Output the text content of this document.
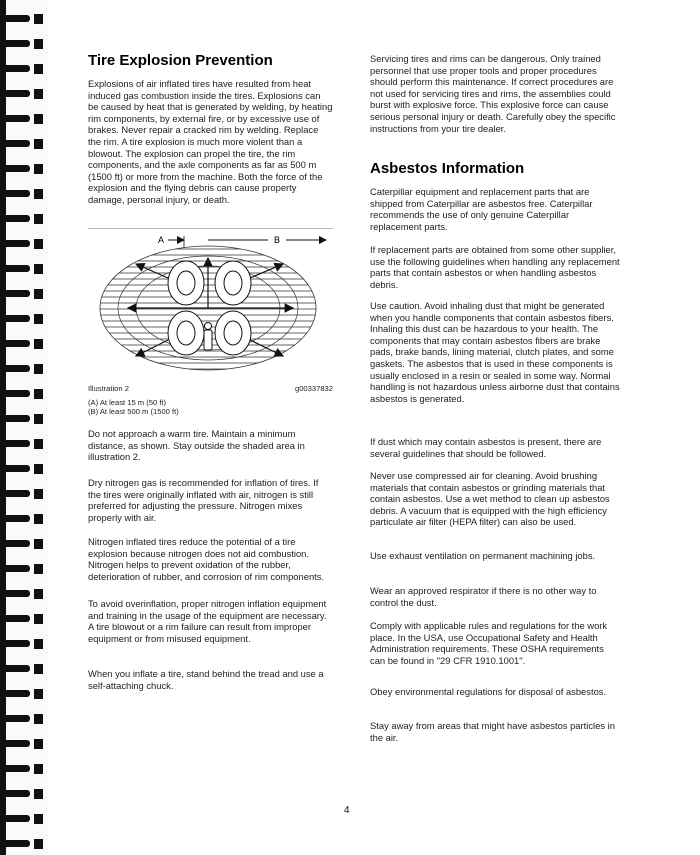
Tire Explosion Prevention

Explosions of air inflated tires have resulted from heat induced gas combustion inside the tires. Explosions can be caused by heat that is generated by welding, by heating rim components, by external fire, or by excessive use of brakes. Never repair a cracked rim by welding. Replace the rim. A tire explosion is much more violent than a blowout. The explosion can propel the tire, the rim components, and the axle components as far as 500 m (1500 ft) or more from the machine. Both the force of the explosion and the flying debris can cause property damage, personal injury, or death.

A	B
Illustration 2	g00337832
(A) At least 15 m (50 ft)
(B) At least 500 m (1500 ft)

Do not approach a warm tire. Maintain a minimum distance, as shown. Stay outside the shaded area in illustration 2.

Dry nitrogen gas is recommended for inflation of tires. If the tires were originally inflated with air, nitrogen is still preferred for adjusting the pressure. Nitrogen mixes properly with air.

Nitrogen inflated tires reduce the potential of a tire explosion because nitrogen does not aid combustion. Nitrogen helps to prevent oxidation of the rubber, deterioration of rubber, and corrosion of rim components.

To avoid overinflation, proper nitrogen inflation equipment and training in the usage of the equipment are necessary. A tire blowout or a rim failure can result from improper equipment or from misused equipment.

When you inflate a tire, stand behind the tread and use a self-attaching chuck.

Servicing tires and rims can be dangerous. Only trained personnel that use proper tools and proper procedures should perform this maintenance. If correct procedures are not used for servicing tires and rims, the assemblies could burst with explosive force. This explosive force can cause serious personal injury or death. Carefully obey the specific instructions from your tire dealer.

Asbestos Information

Caterpillar equipment and replacement parts that are shipped from Caterpillar are asbestos free. Caterpillar recommends the use of only genuine Caterpillar replacement parts.

If replacement parts are obtained from some other supplier, use the following guidelines when handling any replacement parts that contain asbestos or when handling asbestos debris.

Use caution. Avoid inhaling dust that might be generated when you handle components that contain asbestos fibers. Inhaling this dust can be hazardous to your health. The components that may contain asbestos fibers are brake pads, brake bands, lining material, clutch plates, and some gaskets. The asbestos that is used in these components is usually enclosed in a resin or sealed in some way. Normal handling is not hazardous unless airborne dust that contains asbestos is generated.

If dust which may contain asbestos is present, there are several guidelines that should be followed.

Never use compressed air for cleaning. Avoid brushing materials that contain asbestos or grinding materials that contain asbestos. Use a wet method to clean up asbestos debris. A vacuum that is equipped with the high efficiency particulate air filter (HEPA filter) can also be used.

Use exhaust ventilation on permanent machining jobs.

Wear an approved respirator if there is no other way to control the dust.

Comply with applicable rules and regulations for the work place. In the USA, use Occupational Safety and Health Administration requirements. These OSHA requirements can be found in "29 CFR 1910.1001".

Obey environmental regulations for disposal of asbestos.

Stay away from areas that might have asbestos particles in the air.

4
